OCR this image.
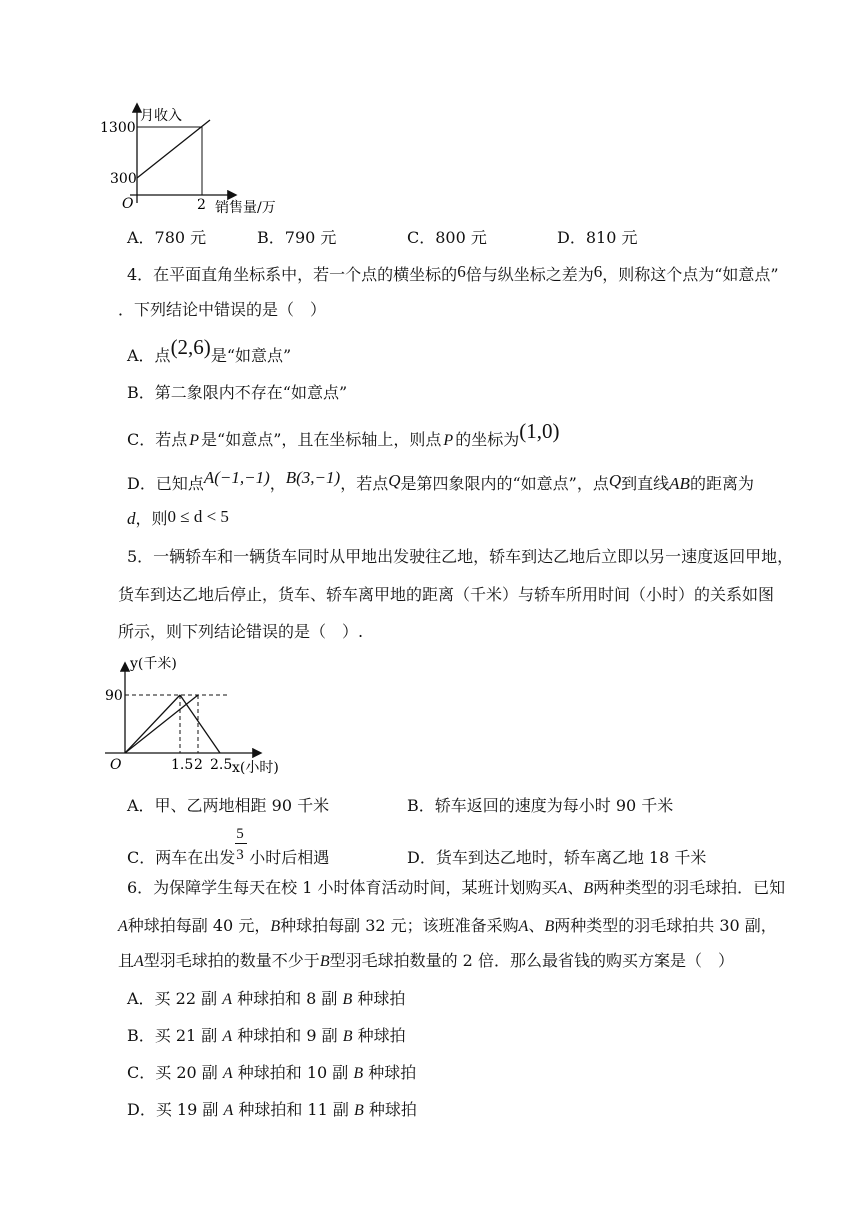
月收入
1300
300
O	2 销售量/万
A．780 元	B．790 元	C．800 元	D．810 元
4．在平面直角坐标系中，若一个点的横坐标的6倍与纵坐标之差为6，则称这个点为“如意点”
．下列结论中错误的是（　）
A．点(2,6)是“如意点”
B．第二象限内不存在“如意点”
C．若点 P 是“如意点”，且在坐标轴上，则点 P 的坐标为(1,0)
D．已知点A(−1,−1)，B(3,−1)，若点Q是第四象限内的“如意点”，点Q到直线AB的距离为
d，则0 ≤ d < 5
5．一辆轿车和一辆货车同时从甲地出发驶往乙地，轿车到达乙地后立即以另一速度返回甲地，
货车到达乙地后停止，货车、轿车离甲地的距离（千米）与轿车所用时间（小时）的关系如图
所示，则下列结论错误的是（　）.
y(千米)
90
O	1.5 2 2.5 x(小时)
A．甲、乙两地相距 90 千米	B．轿车返回的速度为每小时 90 千米
C．两车在出发 $\frac{5}{3}$ 小时后相遇	D．货车到达乙地时，轿车离乙地 18 千米
6．为保障学生每天在校 1 小时体育活动时间，某班计划购买A、B两种类型的羽毛球拍．已知
A种球拍每副 40 元，B种球拍每副 32 元；该班准备采购A、B两种类型的羽毛球拍共 30 副，
且A型羽毛球拍的数量不少于B型羽毛球拍数量的 2 倍．那么最省钱的购买方案是（　）
A．买 22 副 A 种球拍和 8 副 B 种球拍
B．买 21 副 A 种球拍和 9 副 B 种球拍
C．买 20 副 A 种球拍和 10 副 B 种球拍
D．买 19 副 A 种球拍和 11 副 B 种球拍
